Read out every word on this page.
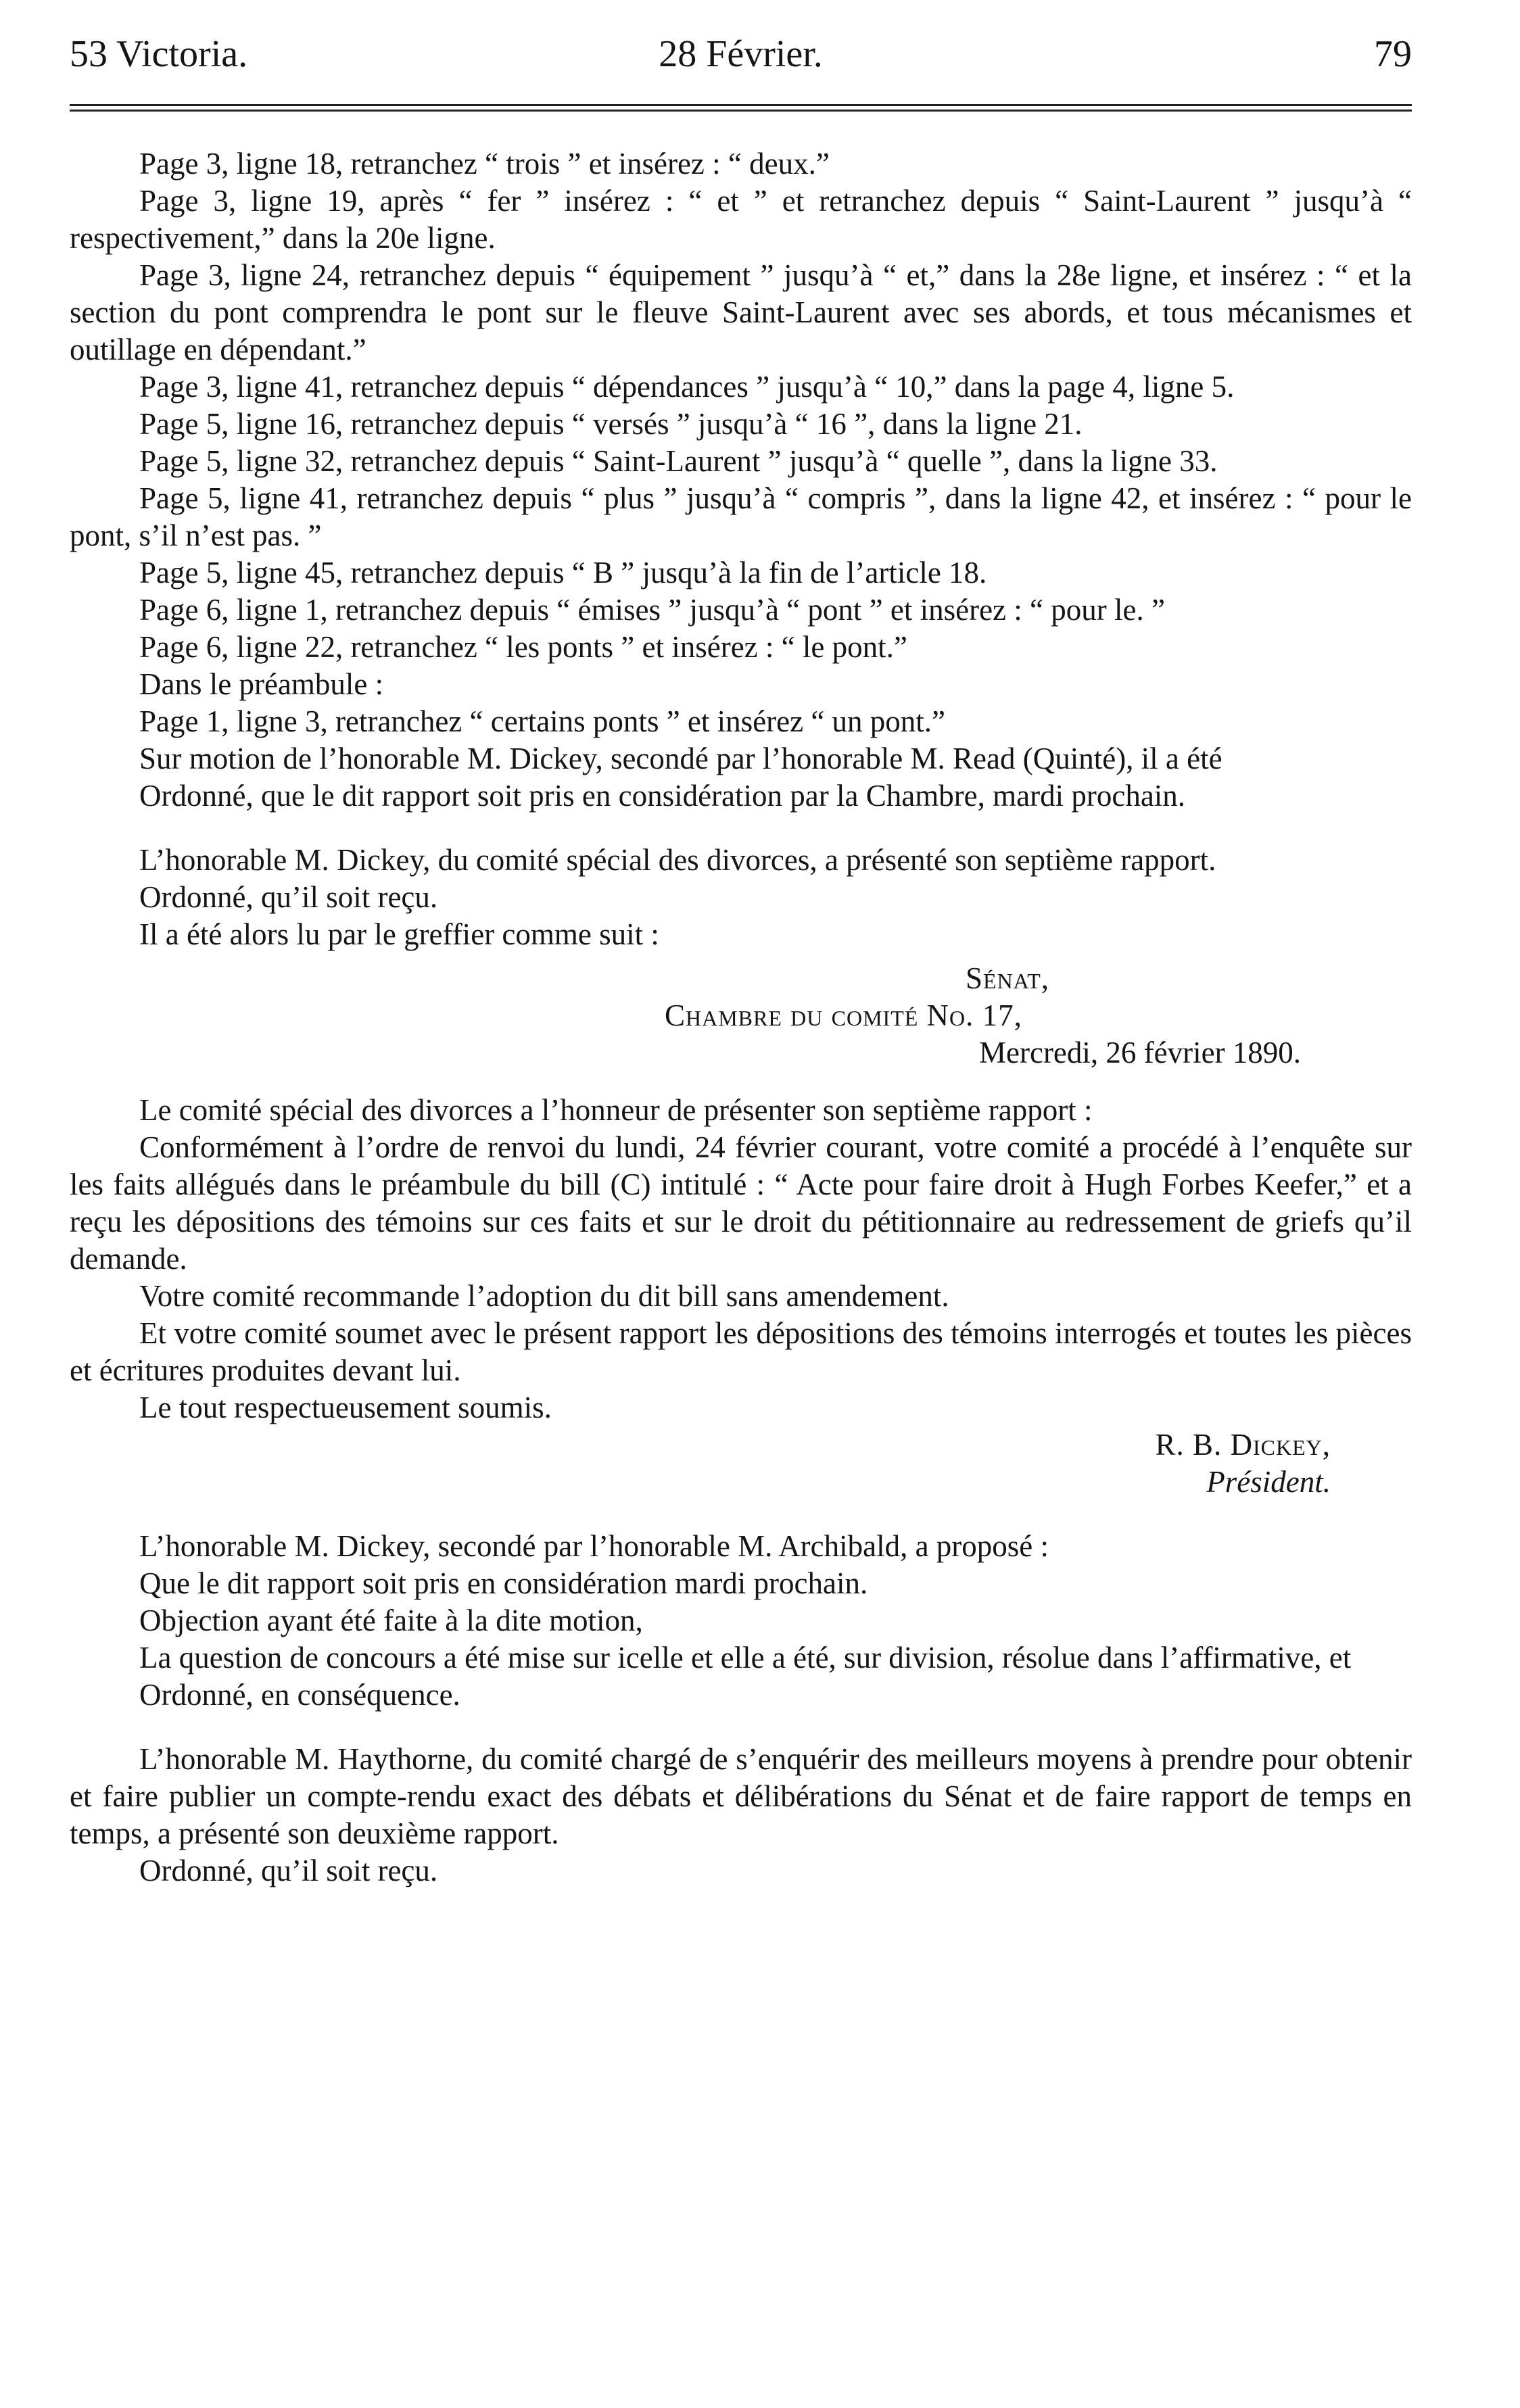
53 Victoria.	28 Février.	79

Page 3, ligne 18, retranchez “ trois ” et insérez : “ deux.”

Page 3, ligne 19, après “ fer ” insérez : “ et ” et retranchez depuis “ Saint-Laurent ” jusqu’à “ respectivement,” dans la 20e ligne.

Page 3, ligne 24, retranchez depuis “ équipement ” jusqu’à “ et,” dans la 28e ligne, et insérez : “ et la section du pont comprendra le pont sur le fleuve Saint-Laurent avec ses abords, et tous mécanismes et outillage en dépendant.”

Page 3, ligne 41, retranchez depuis “ dépendances ” jusqu’à “ 10,” dans la page 4, ligne 5.

Page 5, ligne 16, retranchez depuis “ versés ” jusqu’à “ 16 ”, dans la ligne 21.

Page 5, ligne 32, retranchez depuis “ Saint-Laurent ” jusqu’à “ quelle ”, dans la ligne 33.

Page 5, ligne 41, retranchez depuis “ plus ” jusqu’à “ compris ”, dans la ligne 42, et insérez : “ pour le pont, s’il n’est pas. ”

Page 5, ligne 45, retranchez depuis “ B ” jusqu’à la fin de l’article 18.

Page 6, ligne 1, retranchez depuis “ émises ” jusqu’à “ pont ” et insérez : “ pour le. ”

Page 6, ligne 22, retranchez “ les ponts ” et insérez : “ le pont.”

Dans le préambule :

Page 1, ligne 3, retranchez “ certains ponts ” et insérez “ un pont.”

Sur motion de l’honorable M. Dickey, secondé par l’honorable M. Read (Quinté), il a été

Ordonné, que le dit rapport soit pris en considération par la Chambre, mardi prochain.

L’honorable M. Dickey, du comité spécial des divorces, a présenté son septième rapport.

Ordonné, qu’il soit reçu.

Il a été alors lu par le greffier comme suit :

Sénat,
Chambre du comité No. 17,
Mercredi, 26 février 1890.

Le comité spécial des divorces a l’honneur de présenter son septième rapport :

Conformément à l’ordre de renvoi du lundi, 24 février courant, votre comité a procédé à l’enquête sur les faits allégués dans le préambule du bill (C) intitulé : “ Acte pour faire droit à Hugh Forbes Keefer,” et a reçu les dépositions des témoins sur ces faits et sur le droit du pétitionnaire au redressement de griefs qu’il demande.

Votre comité recommande l’adoption du dit bill sans amendement.

Et votre comité soumet avec le présent rapport les dépositions des témoins interrogés et toutes les pièces et écritures produites devant lui.

Le tout respectueusement soumis.

R. B. Dickey,
Président.

L’honorable M. Dickey, secondé par l’honorable M. Archibald, a proposé :

Que le dit rapport soit pris en considération mardi prochain.

Objection ayant été faite à la dite motion,

La question de concours a été mise sur icelle et elle a été, sur division, résolue dans l’affirmative, et

Ordonné, en conséquence.

L’honorable M. Haythorne, du comité chargé de s’enquérir des meilleurs moyens à prendre pour obtenir et faire publier un compte-rendu exact des débats et délibérations du Sénat et de faire rapport de temps en temps, a présenté son deuxième rapport.

Ordonné, qu’il soit reçu.
